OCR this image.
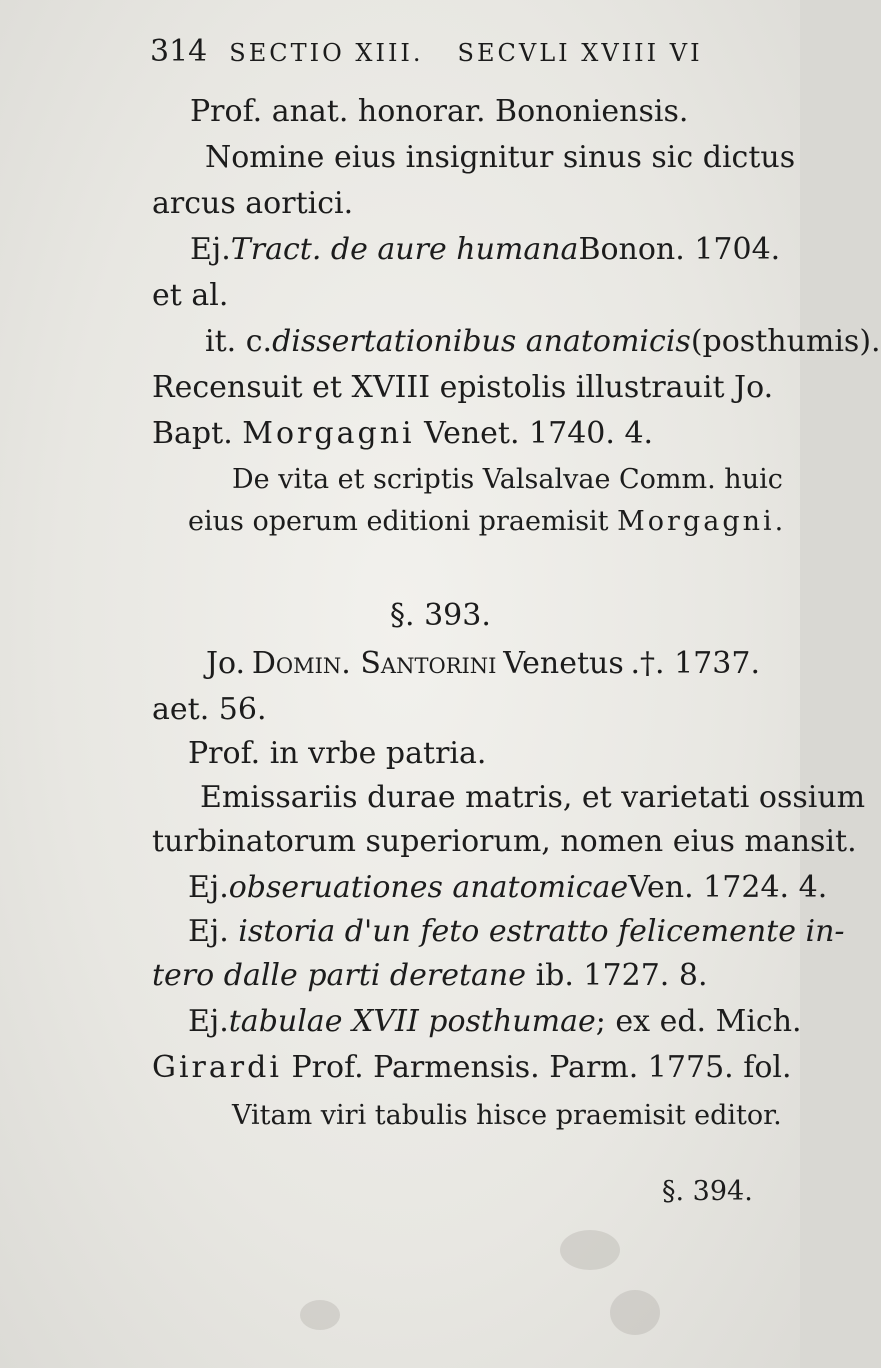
314 SECTIO XIII. SECVLI XVIII VI
Prof. anat. honorar. Bononiensis.
Nomine eius insignitur sinus sic dictus
arcus aortici.
Ej. Tract. de aure humana Bonon. 1704.
et al.
it. c. dissertationibus anatomicis (posthumis).
Recensuit et XVIII epistolis illustrauit Jo.
Bapt. Morgagni Venet. 1740. 4.
De vita et scriptis Valsalvae Comm. huic
eius operum editioni praemisit Morgagni.
§. 393.
Jo. Domin. Santorini Venetus .†. 1737.
aet. 56.
Prof. in vrbe patria.
Emissariis durae matris, et varietati ossium
turbinatorum superiorum, nomen eius mansit.
Ej. obseruationes anatomicae Ven. 1724. 4.
Ej. istoria d'un feto estratto felicemente in-
tero dalle parti deretane ib. 1727. 8.
Ej. tabulae XVII posthumae; ex ed. Mich.
Girardi Prof. Parmensis. Parm. 1775. fol.
Vitam viri tabulis hisce praemisit editor.
§. 394.
